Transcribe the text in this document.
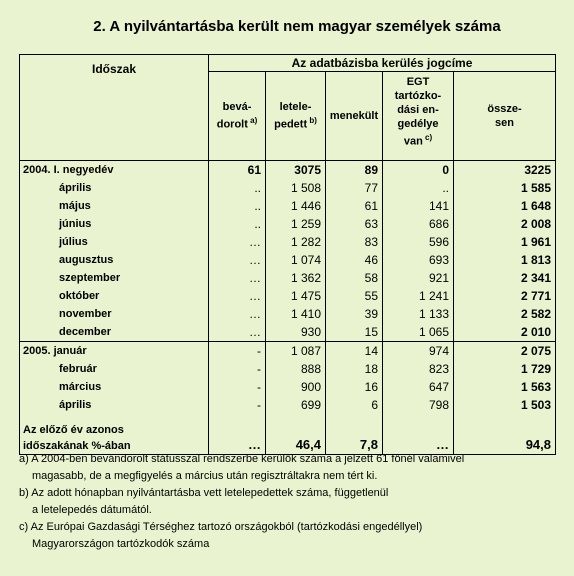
2. A nyilvántartásba került nem magyar személyek száma
Időszak	Az adatbázisba kerülés jogcíme				
	bevá-
dorolt $^{a)}$	letele-
pedett $^{b)}$	menekült	EGT
tartózko-
dási en-
gedélye
van $^{c)}$	össze-
sen
2004. I. negyedév	61	3075	89	0	3225
április	..	1 508	77	..	1 585
május	..	1 446	61	141	1 648
június	..	1 259	63	686	2 008
július	…	1 282	83	596	1 961
augusztus	…	1 074	46	693	1 813
szeptember	…	1 362	58	921	2 341
október	…	1 475	55	1 241	2 771
november	…	1 410	39	1 133	2 582
december	…	930	15	1 065	2 010
2005. január	-	1 087	14	974	2 075
február	-	888	18	823	1 729
március	-	900	16	647	1 563
április	-	699	6	798	1 503
Az előző év azonos
időszakának %-ában	…	46,4	7,8	…	94,8
a) A 2004-ben bevándorolt státusszal rendszerbe kerülők száma a jelzett 61 főnél valamivel
magasabb, de a megfigyelés a március után regisztráltakra nem tért ki.
b) Az adott hónapban nyilvántartásba vett letelepedettek száma, függetlenül
a letelepedés dátumától.
c) Az Európai Gazdasági Térséghez tartozó országokból (tartózkodási engedéllyel)
Magyarországon tartózkodók száma
